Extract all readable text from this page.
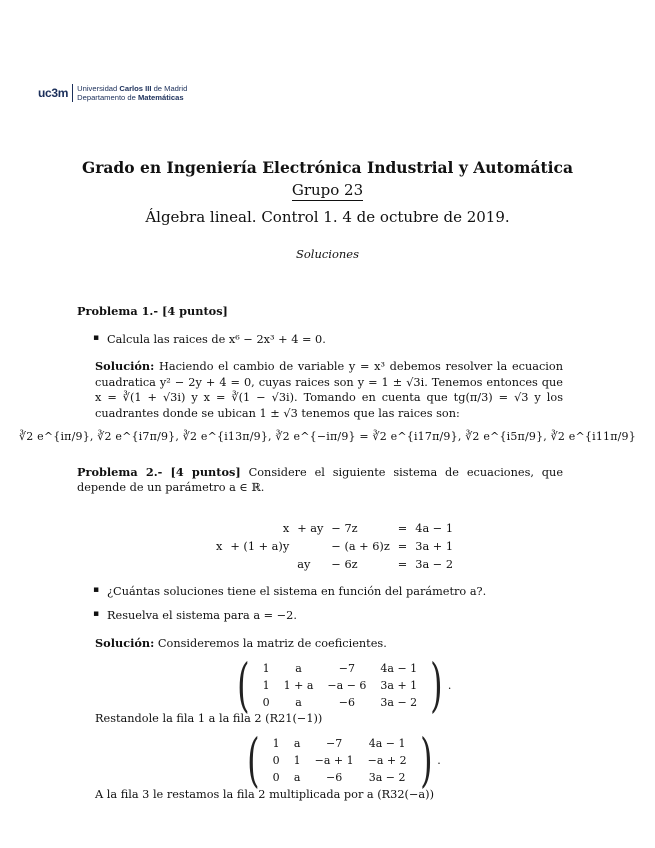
uc3m Universidad Carlos III de Madrid
Departamento de Matemáticas
Grado en Ingeniería Electrónica Industrial y Automática
Grupo 23
Álgebra lineal. Control 1. 4 de octubre de 2019.
Soluciones
Problema 1.- [4 puntos]
▪ Calcula las raices de x⁶ − 2x³ + 4 = 0.
Solución: Haciendo el cambio de variable y = x³ debemos resolver la ecuacion cuadratica y² − 2y + 4 = 0, cuyas raices son y = 1 ± √3i. Tenemos entonces que x = ∛(1 + √3i) y x = ∛(1 − √3i). Tomando en cuenta que tg(π/3) = √3 y los cuadrantes donde se ubican 1 ± √3 tenemos que las raices son:
∛2 e^{iπ/9}, ∛2 e^{i7π/9}, ∛2 e^{i13π/9}, ∛2 e^{−iπ/9} = ∛2 e^{i17π/9}, ∛2 e^{i5π/9}, ∛2 e^{i11π/9}
Problema 2.- [4 puntos] Considere el siguiente sistema de ecuaciones, que depende de un parámetro a ∈ ℝ.
	x	+ ay	− 7z	=	4a − 1
x	+ (1 + a)y		− (a + 6)z	=	3a + 1
		ay	− 6z	=	3a − 2
▪ ¿Cuántas soluciones tiene el sistema en función del parámetro a?.
▪ Resuelva el sistema para a = −2.
Solución: Consideremos la matriz de coeficientes.
( 1	a	−7	4a − 1
1	1 + a	−a − 6	3a + 1
0	a	−6	3a − 2 ) .
Restandole la fila 1 a la fila 2 (R21(−1))
( 1	a	−7	4a − 1
0	1	−a + 1	−a + 2
0	a	−6	3a − 2 ) .
A la fila 3 le restamos la fila 2 multiplicada por a (R32(−a))
